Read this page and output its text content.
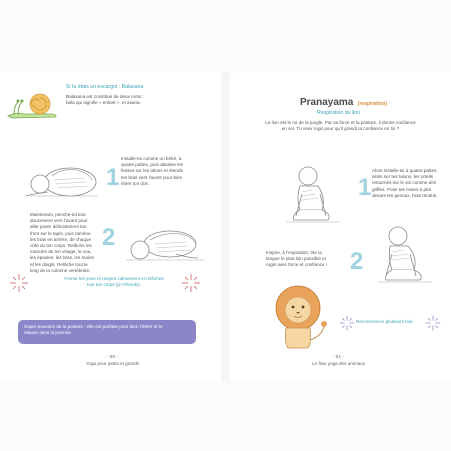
Si tu étais un escargot : Balasana
Balasana est constitué de deux mots :
bala qui signifie « enfant », et asana.
1
Installe-toi comme un bébé, à
quatre pattes, puis abaisse les
fesses sur les talons et étends
tes bras vers l'avant pour bien
étirer ton dos.
Maintenant, penche-toi tout
doucement vers l'avant pour
aller poser délicatement ton
front sur le tapis, puis ramène
les bras en arrière, de chaque
côté du ton corps. Relâche les
muscles de ton visage, le cou,
les épaules, les bras, les mains
et les doigts. Relâche tout le
long de la colonne vertébrale.
2
Ferme les yeux et respire calmement et relâches
tout ton corps (je t'étends).
Super-pouvoirs de la posture : elle est parfaite pour bien t'étirer et te
relaxer dans la journée.
- 50 -
Yoga pour petits et grands
Pranayama (respiration)
Respiration du lion
Le lion est le roi de la jungle. Par sa force et la posture, il donne confiance
en soi. Tu veux rugir pour qu'il grandi ta confiance en toi ?
1
Alors installe-toi à quatre pattes,
assis sur tes talons, les orteils
retournés sur le sol comme des
griffes. Pose tes mains à plat
devant tes genoux, bras tendus.
Inspire, à l'expiration, tire la
langue le plus loin possible et
rugis avec force et confiance ! 2
Recommence plusieurs fois.
- 51 -
Le flow yoga des animaux
